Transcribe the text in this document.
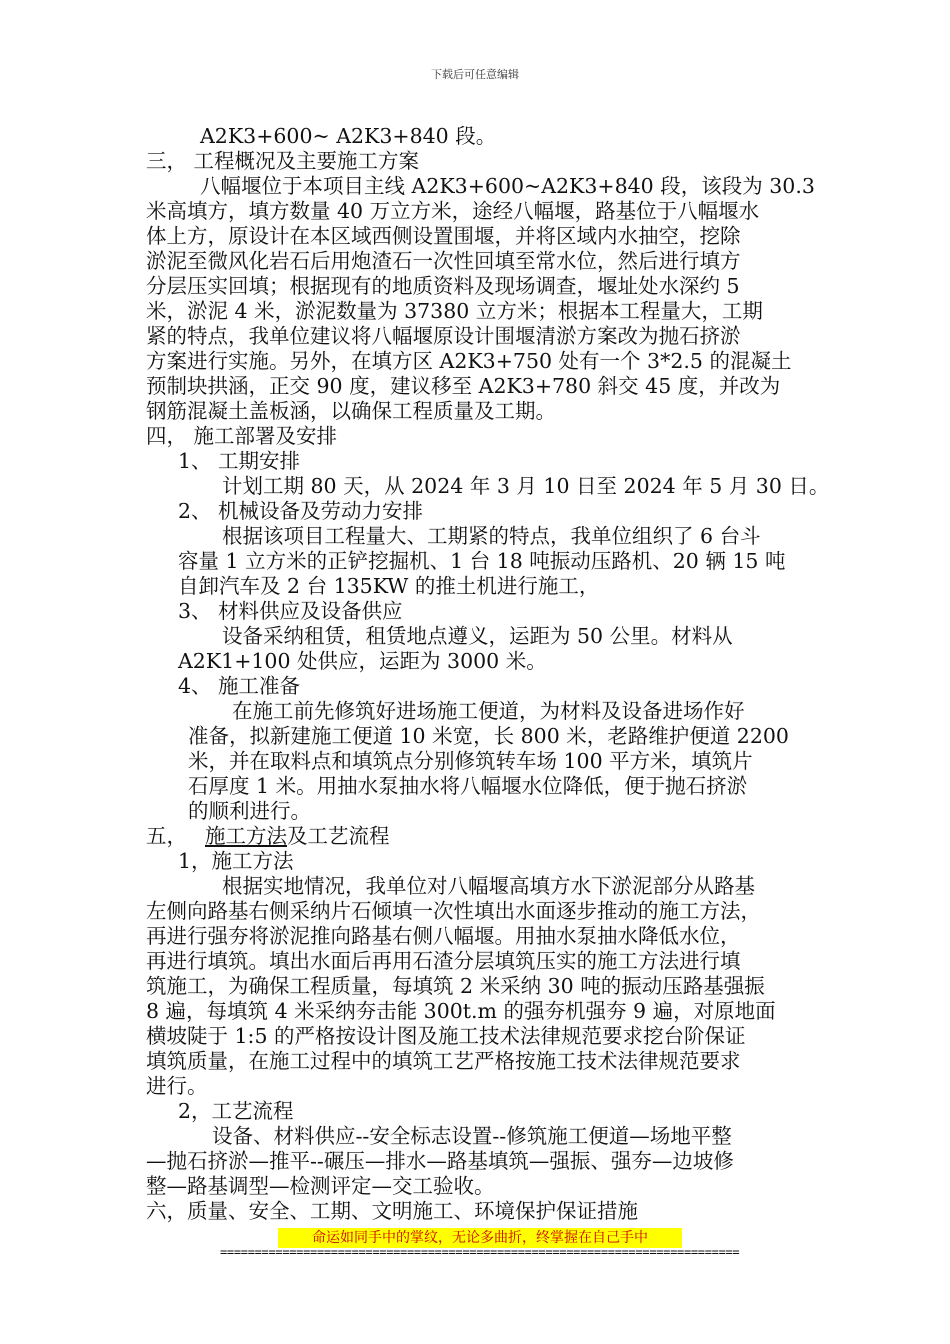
下载后可任意编辑
A2K3+600~ A2K3+840 段。
三， 工程概况及主要施工方案
八幅堰位于本项目主线 A2K3+600~A2K3+840 段，该段为 30.3
米高填方，填方数量 40 万立方米，途经八幅堰，路基位于八幅堰水
体上方，原设计在本区域西侧设置围堰，并将区域内水抽空，挖除
淤泥至微风化岩石后用炮渣石一次性回填至常水位，然后进行填方
分层压实回填；根据现有的地质资料及现场调查，堰址处水深约 5
米，淤泥 4 米，淤泥数量为 37380 立方米；根据本工程量大，工期
紧的特点，我单位建议将八幅堰原设计围堰清淤方案改为抛石挤淤
方案进行实施。另外，在填方区 A2K3+750 处有一个 3*2.5 的混凝土
预制块拱涵，正交 90 度，建议移至 A2K3+780 斜交 45 度，并改为
钢筋混凝土盖板涵，以确保工程质量及工期。
四， 施工部署及安排
1、 工期安排
计划工期 80 天，从 2024 年 3 月 10 日至 2024 年 5 月 30 日。
2、 机械设备及劳动力安排
根据该项目工程量大、工期紧的特点，我单位组织了 6 台斗
容量 1 立方米的正铲挖掘机、1 台 18 吨振动压路机、20 辆 15 吨
自卸汽车及 2 台 135KW 的推土机进行施工，
3、 材料供应及设备供应
设备采纳租赁，租赁地点遵义，运距为 50 公里。材料从
A2K1+100 处供应，运距为 3000 米。
4、 施工准备
在施工前先修筑好进场施工便道，为材料及设备进场作好
准备，拟新建施工便道 10 米宽，长 800 米，老路维护便道 2200
米，并在取料点和填筑点分别修筑转车场 100 平方米，填筑片
石厚度 1 米。用抽水泵抽水将八幅堰水位降低，便于抛石挤淤
的顺利进行。
五， 施工方法及工艺流程
1，施工方法
根据实地情况，我单位对八幅堰高填方水下淤泥部分从路基
左侧向路基右侧采纳片石倾填一次性填出水面逐步推动的施工方法，
再进行强夯将淤泥推向路基右侧八幅堰。用抽水泵抽水降低水位，
再进行填筑。填出水面后再用石渣分层填筑压实的施工方法进行填
筑施工，为确保工程质量，每填筑 2 米采纳 30 吨的振动压路基强振
8 遍，每填筑 4 米采纳夯击能 300t.m 的强夯机强夯 9 遍，对原地面
横坡陡于 1:5 的严格按设计图及施工技术法律规范要求挖台阶保证
填筑质量，在施工过程中的填筑工艺严格按施工技术法律规范要求
进行。
2，工艺流程
设备、材料供应--安全标志设置--修筑施工便道—场地平整
—抛石挤淤—推平--碾压—排水—路基填筑—强振、强夯—边坡修
整—路基调型—检测评定—交工验收。
六，质量、安全、工期、文明施工、环境保护保证措施
命运如同手中的掌纹，无论多曲折，终掌握在自己手中
===========================================================================
